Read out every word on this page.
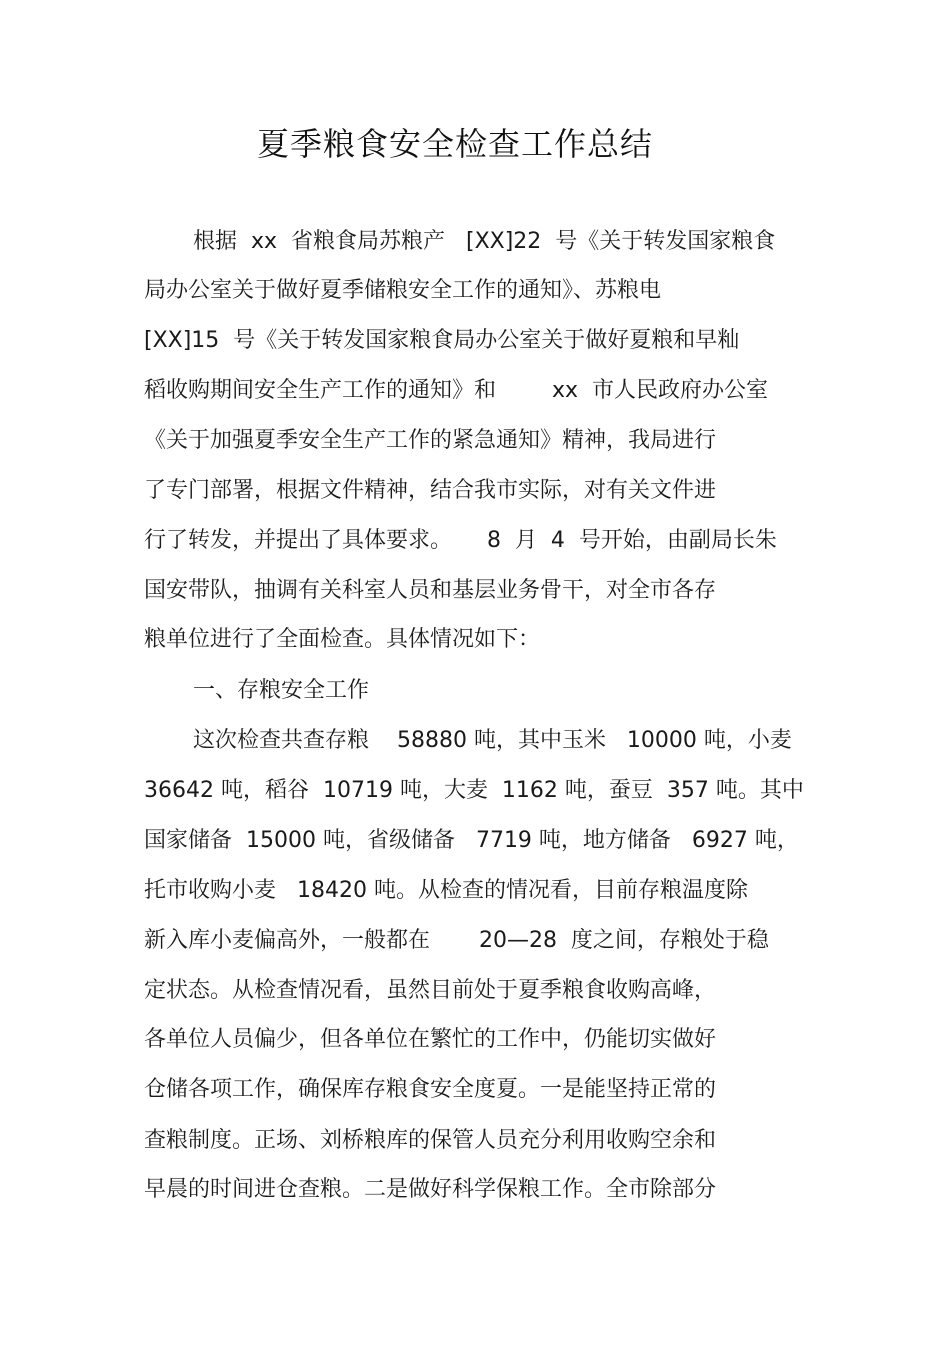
夏季粮食安全检查工作总结
根据  xx  省粮食局苏粮产   [XX]22  号《关于转发国家粮食
局办公室关于做好夏季储粮安全工作的通知》、苏粮电
[XX]15  号《关于转发国家粮食局办公室关于做好夏粮和早籼
稻收购期间安全生产工作的通知》和        xx  市人民政府办公室
《关于加强夏季安全生产工作的紧急通知》精神，我局进行
了专门部署，根据文件精神，结合我市实际，对有关文件进
行了转发，并提出了具体要求。     8  月  4  号开始，由副局长朱
国安带队，抽调有关科室人员和基层业务骨干，对全市各存
粮单位进行了全面检查。具体情况如下：
一、存粮安全工作
这次检查共查存粮    58880 吨，其中玉米   10000 吨，小麦
36642 吨，稻谷  10719 吨，大麦  1162 吨，蚕豆  357 吨。其中
国家储备  15000 吨，省级储备   7719 吨，地方储备   6927 吨，
托市收购小麦   18420 吨。从检查的情况看，目前存粮温度除
新入库小麦偏高外，一般都在       20—28  度之间，存粮处于稳
定状态。从检查情况看，虽然目前处于夏季粮食收购高峰，
各单位人员偏少，但各单位在繁忙的工作中，仍能切实做好
仓储各项工作，确保库存粮食安全度夏。一是能坚持正常的
查粮制度。正场、刘桥粮库的保管人员充分利用收购空余和
早晨的时间进仓查粮。二是做好科学保粮工作。全市除部分
